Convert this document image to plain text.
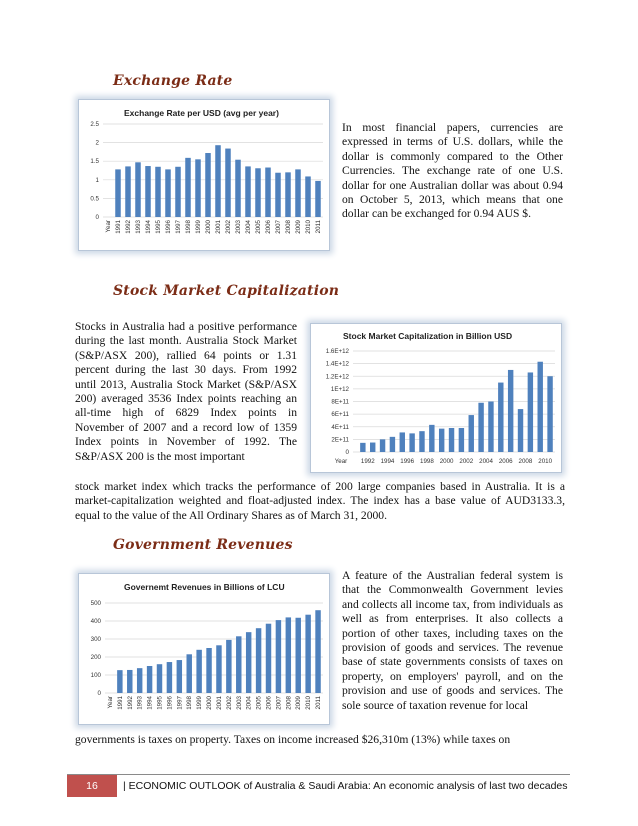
Exchange Rate
Exchange Rate per USD (avg per year)
0
0.5
1
1.5
2
2.5
Year 1991 1992 1993 1994 1995 1996 1997 1998 1999 2000 2001 2002 2003 2004 2005 2006 2007 2008 2009 2010 2011

In most financial papers, currencies are expressed in terms of U.S. dollars, while the dollar is commonly compared to the Other Currencies. The exchange rate of one U.S. dollar for one Australian dollar was about 0.94 on October 5, 2013, which means that one dollar can be exchanged for 0.94 AUS $.

Stock Market Capitalization

Stocks in Australia had a positive performance during the last month. Australia Stock Market (S&P/ASX 200), rallied 64 points or 1.31 percent during the last 30 days. From 1992 until 2013, Australia Stock Market (S&P/ASX 200) averaged 3536 Index points reaching an all-time high of 6829 Index points in November of 2007 and a record low of 1359 Index points in November of 1992. The S&P/ASX 200 is the most important

Stock Market Capitalization in Billion USD
0
2E+11
4E+11
6E+11
8E+11
1E+12
1.2E+12
1.4E+12
1.6E+12
Year 1992 1994 1996 1998 2000 2002 2004 2006 2008 2010

stock market index which tracks the performance of 200 large companies based in Australia. It is a market-capitalization weighted and float-adjusted index. The index has a base value of AUD3133.3, equal to the value of the All Ordinary Shares as of March 31, 2000.

Government Revenues
Governemt Revenues in Billions of LCU
0
100
200
300
400
500
Year 1991 1992 1993 1994 1995 1996 1997 1998 1999 2000 2001 2002 2003 2004 2005 2006 2007 2008 2009 2010 2011

A feature of the Australian federal system is that the Commonwealth Government levies and collects all income tax, from individuals as well as from enterprises. It also collects a portion of other taxes, including taxes on the provision of goods and services. The revenue base of state governments consists of taxes on property, on employers' payroll, and on the provision and use of goods and services. The sole source of taxation revenue for local

governments is taxes on property. Taxes on income increased $26,310m (13%) while taxes on

16	| ECONOMIC OUTLOOK of Australia & Saudi Arabia: An economic analysis of last two decades
